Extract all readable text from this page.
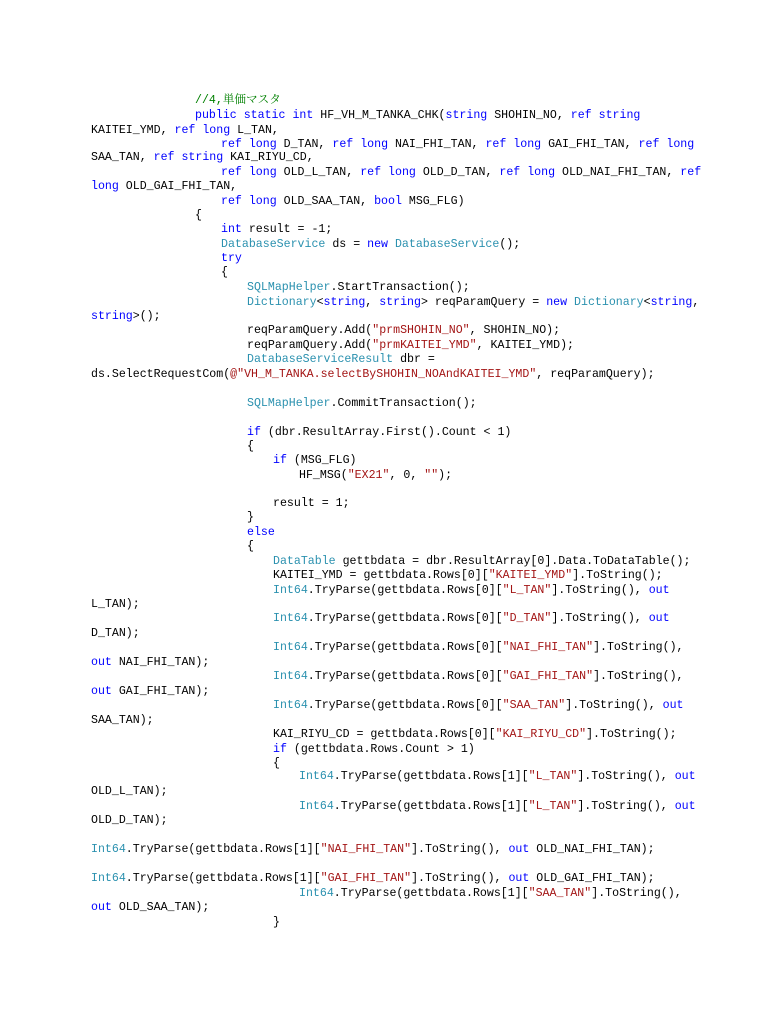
//4,単価マスタ
public static int HF_VH_M_TANKA_CHK(string SHOHIN_NO, ref string
KAITEI_YMD, ref long L_TAN,
ref long D_TAN, ref long NAI_FHI_TAN, ref long GAI_FHI_TAN, ref long
SAA_TAN, ref string KAI_RIYU_CD,
ref long OLD_L_TAN, ref long OLD_D_TAN, ref long OLD_NAI_FHI_TAN, ref
long OLD_GAI_FHI_TAN,
ref long OLD_SAA_TAN, bool MSG_FLG)
{
int result = -1;
DatabaseService ds = new DatabaseService();
try
{
SQLMapHelper.StartTransaction();
Dictionary<string, string> reqParamQuery = new Dictionary<string,
string>();
reqParamQuery.Add("prmSHOHIN_NO", SHOHIN_NO);
reqParamQuery.Add("prmKAITEI_YMD", KAITEI_YMD);
DatabaseServiceResult dbr =
ds.SelectRequestCom(@"VH_M_TANKA.selectBySHOHIN_NOAndKAITEI_YMD", reqParamQuery);
SQLMapHelper.CommitTransaction();
if (dbr.ResultArray.First().Count < 1)
{
if (MSG_FLG)
HF_MSG("EX21", 0, "");
result = 1;
}
else
{
DataTable gettbdata = dbr.ResultArray[0].Data.ToDataTable();
KAITEI_YMD = gettbdata.Rows[0]["KAITEI_YMD"].ToString();
Int64.TryParse(gettbdata.Rows[0]["L_TAN"].ToString(), out
L_TAN);
Int64.TryParse(gettbdata.Rows[0]["D_TAN"].ToString(), out
D_TAN);
Int64.TryParse(gettbdata.Rows[0]["NAI_FHI_TAN"].ToString(),
out NAI_FHI_TAN);
Int64.TryParse(gettbdata.Rows[0]["GAI_FHI_TAN"].ToString(),
out GAI_FHI_TAN);
Int64.TryParse(gettbdata.Rows[0]["SAA_TAN"].ToString(), out
SAA_TAN);
KAI_RIYU_CD = gettbdata.Rows[0]["KAI_RIYU_CD"].ToString();
if (gettbdata.Rows.Count > 1)
{
Int64.TryParse(gettbdata.Rows[1]["L_TAN"].ToString(), out
OLD_L_TAN);
Int64.TryParse(gettbdata.Rows[1]["L_TAN"].ToString(), out
OLD_D_TAN);
Int64.TryParse(gettbdata.Rows[1]["NAI_FHI_TAN"].ToString(), out OLD_NAI_FHI_TAN);
Int64.TryParse(gettbdata.Rows[1]["GAI_FHI_TAN"].ToString(), out OLD_GAI_FHI_TAN);
Int64.TryParse(gettbdata.Rows[1]["SAA_TAN"].ToString(),
out OLD_SAA_TAN);
}
